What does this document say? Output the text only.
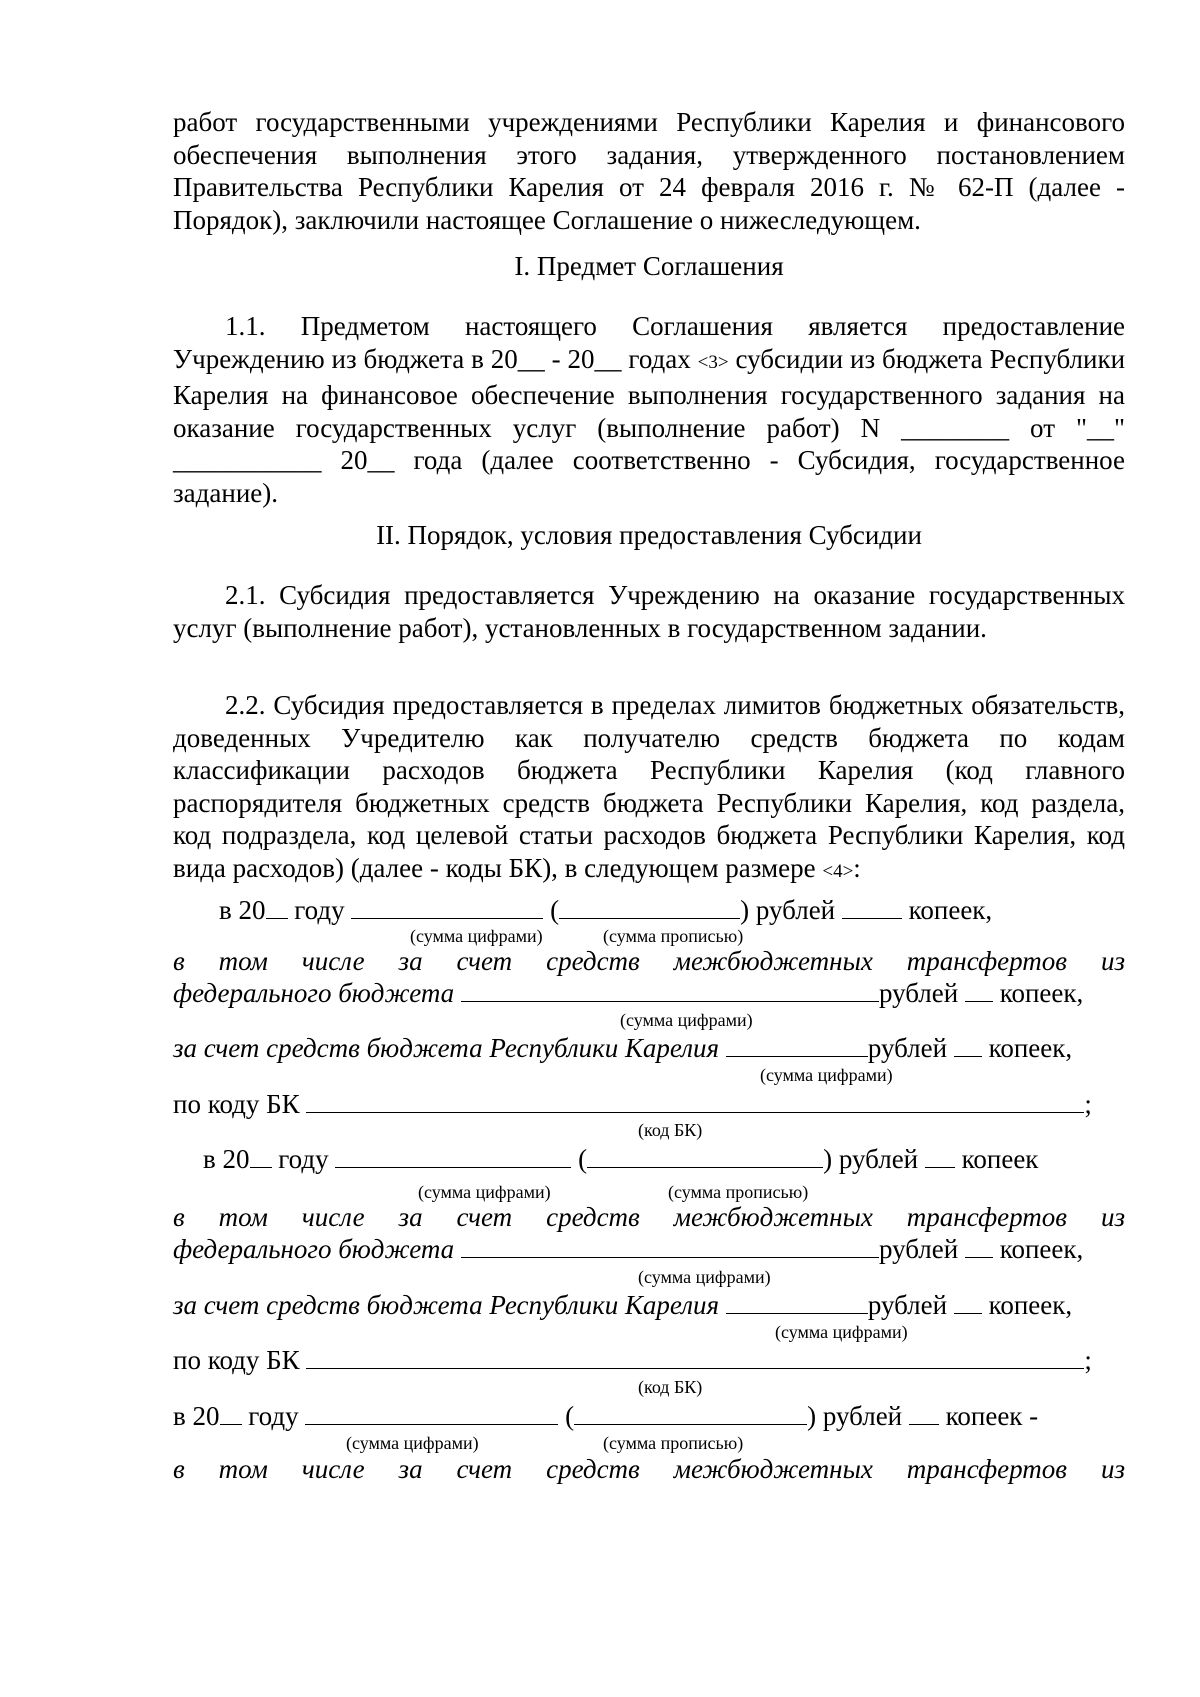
работ государственными учреждениями Республики Карелия и финансового обеспечения выполнения этого задания, утвержденного постановлением Правительства Республики Карелия от 24 февраля 2016 г. № 62-П (далее - Порядок), заключили настоящее Соглашение о нижеследующем.
I. Предмет Соглашения
1.1. Предметом настоящего Соглашения является предоставление Учреждению из бюджета в 20__ - 20__ годах <3> субсидии из бюджета Республики Карелия на финансовое обеспечение выполнения государственного задания на оказание государственных услуг (выполнение работ) N ________ от "__" ___________ 20__ года (далее соответственно - Субсидия, государственное задание).
II. Порядок, условия предоставления Субсидии
2.1. Субсидия предоставляется Учреждению на оказание государственных услуг (выполнение работ), установленных в государственном задании.
2.2. Субсидия предоставляется в пределах лимитов бюджетных обязательств, доведенных Учредителю как получателю средств бюджета по кодам классификации расходов бюджета Республики Карелия (код главного распорядителя бюджетных средств бюджета Республики Карелия, код раздела, код подраздела, код целевой статьи расходов бюджета Республики Карелия, код вида расходов) (далее - коды БК), в следующем размере <4>:
в 20 году	(	) рублей	копеек,
(сумма цифрами)	(сумма прописью)
в том числе за счет средств межбюджетных трансфертов из
федерального бюджета	рублей копеек,
(сумма цифрами)
за счет средств бюджета Республики Карелия	рублей копеек,
(сумма цифрами)
по коду БК	;
(код БК)
в 20 году	(	) рублей копеек
(сумма цифрами)	(сумма прописью)
в том числе за счет средств межбюджетных трансфертов из
федерального бюджета	рублей копеек,
(сумма цифрами)
за счет средств бюджета Республики Карелия	рублей копеек,
(сумма цифрами)
по коду БК	;
(код БК)
в 20 году	(	) рублей копеек -
(сумма цифрами)	(сумма прописью)
в том числе за счет средств межбюджетных трансфертов из
